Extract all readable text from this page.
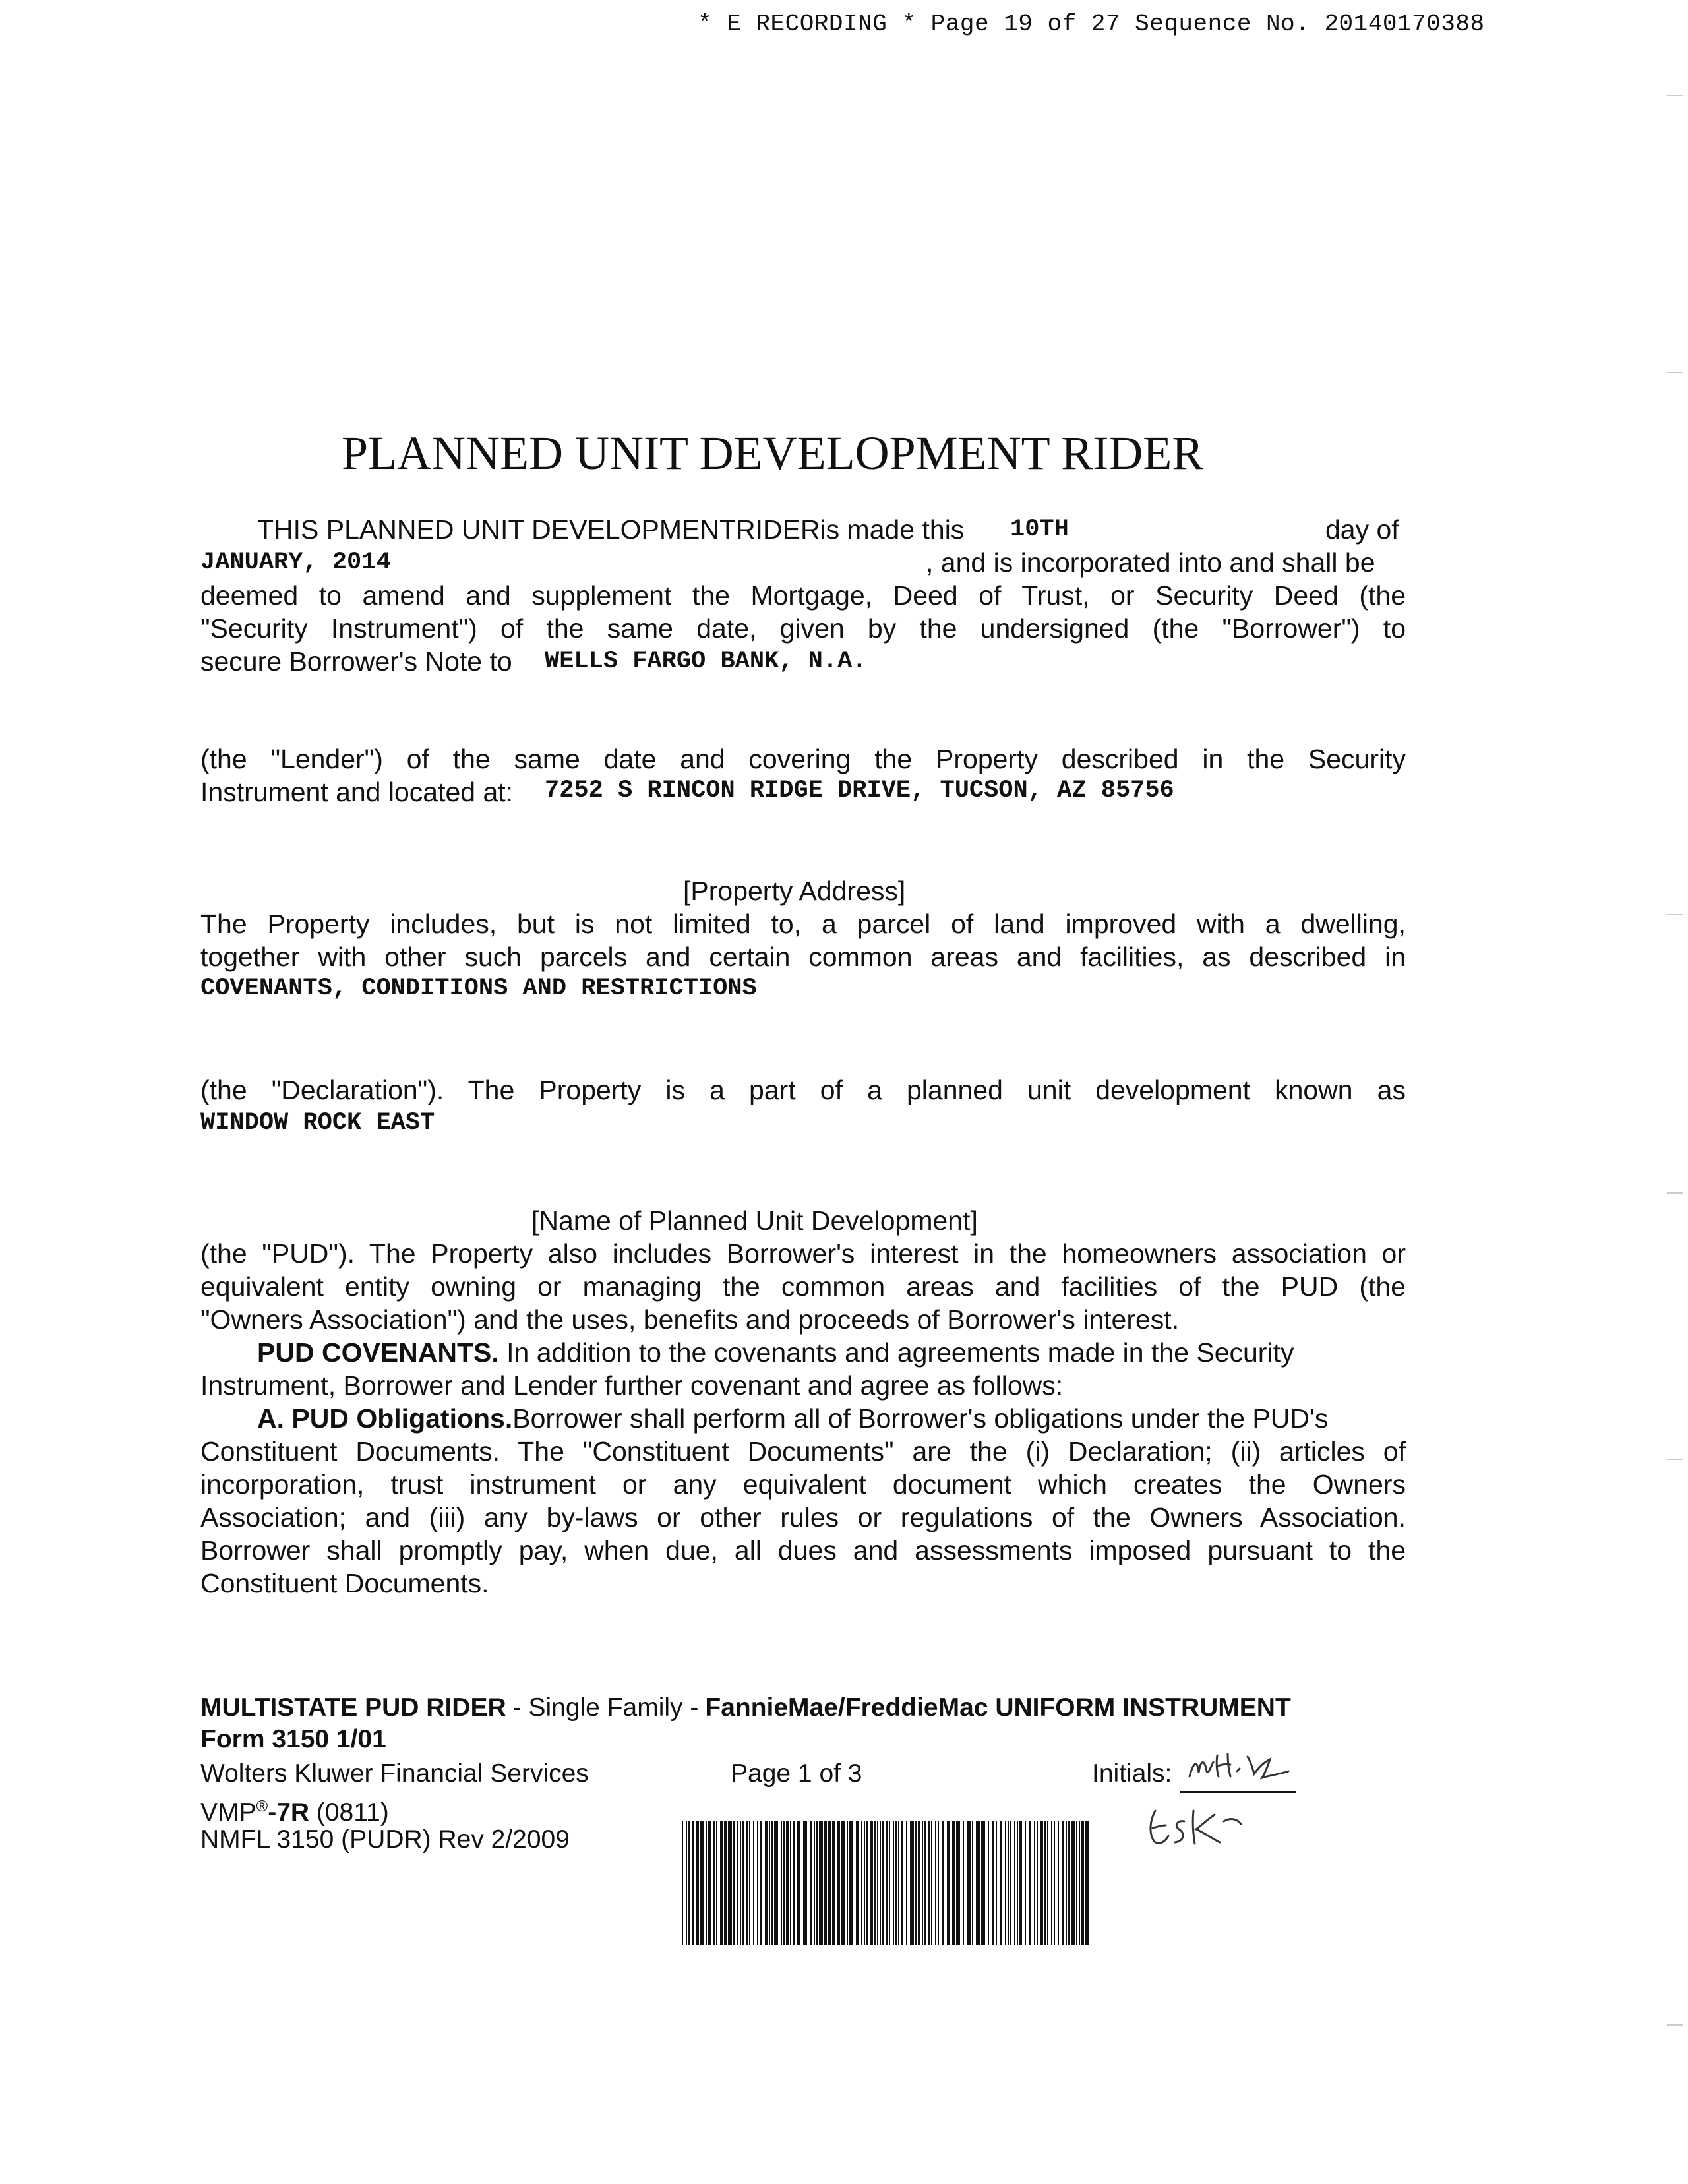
* E RECORDING * Page 19 of 27 Sequence No. 20140170388
PLANNED UNIT DEVELOPMENT RIDER
THIS PLANNED UNIT DEVELOPMENTRIDERis made this 10TH	day of
JANUARY, 2014	, and is incorporated into and shall be
deemed to amend and supplement the Mortgage, Deed of Trust, or Security Deed (the
"Security Instrument") of the same date, given by the undersigned (the "Borrower") to
secure Borrower's Note to WELLS FARGO BANK, N.A.
(the "Lender") of the same date and covering the Property described in the Security
Instrument and located at: 7252 S RINCON RIDGE DRIVE, TUCSON, AZ 85756
[Property Address]
The Property includes, but is not limited to, a parcel of land improved with a dwelling,
together with other such parcels and certain common areas and facilities, as described in
COVENANTS, CONDITIONS AND RESTRICTIONS
(the "Declaration"). The Property is a part of a planned unit development known as
WINDOW ROCK EAST
[Name of Planned Unit Development]
(the "PUD"). The Property also includes Borrower's interest in the homeowners association or
equivalent entity owning or managing the common areas and facilities of the PUD (the
"Owners Association") and the uses, benefits and proceeds of Borrower's interest.
PUD COVENANTS. In addition to the covenants and agreements made in the Security
Instrument, Borrower and Lender further covenant and agree as follows:
A. PUD Obligations.Borrower shall perform all of Borrower's obligations under the PUD's
Constituent Documents. The "Constituent Documents" are the (i) Declaration; (ii) articles of
incorporation, trust instrument or any equivalent document which creates the Owners
Association; and (iii) any by-laws or other rules or regulations of the Owners Association.
Borrower shall promptly pay, when due, all dues and assessments imposed pursuant to the
Constituent Documents.
MULTISTATE PUD RIDER - Single Family - FannieMae/FreddieMac UNIFORM INSTRUMENT
Form 3150 1/01
Wolters Kluwer Financial Services
VMP®-7R (0811)
NMFL 3150 (PUDR) Rev 2/2009
Page 1 of 3	Initials:
